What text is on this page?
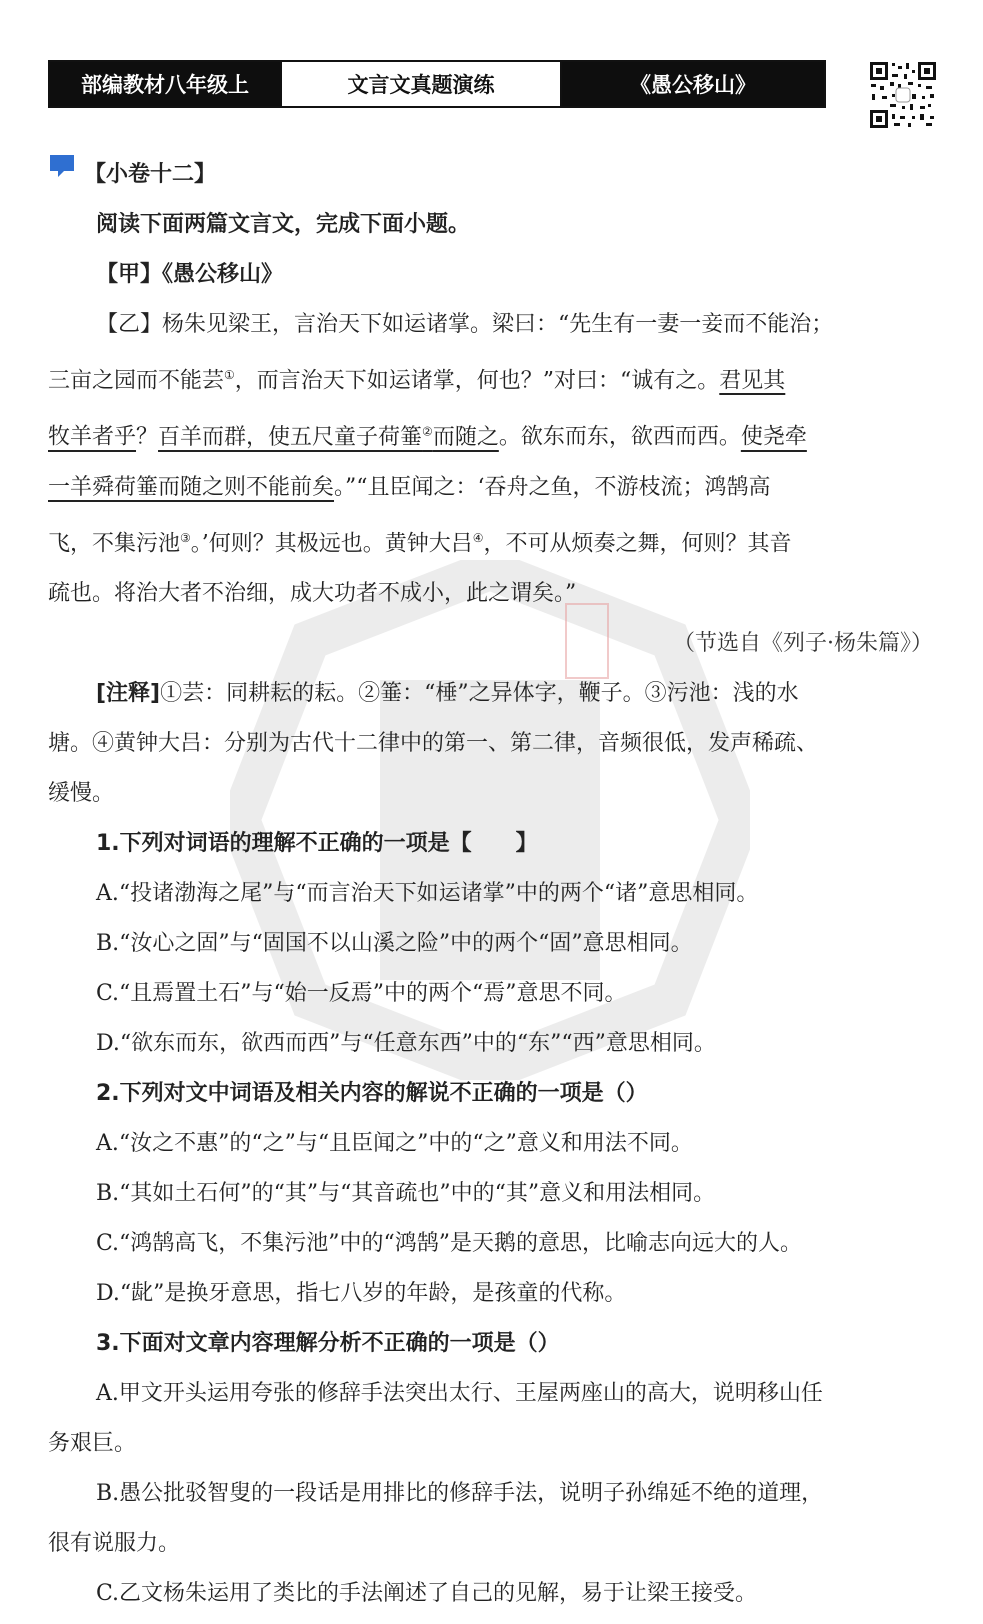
部编教材八年级上	文言文真题演练	《愚公移山》
【小卷十二】
阅读下面两篇文言文，完成下面小题。
【甲】《愚公移山》
【乙】杨朱见梁王，言治天下如运诸掌。梁曰：“先生有一妻一妾而不能治；
三亩之园而不能芸①，而言治天下如运诸掌，何也？”对曰：“诚有之。君见其
牧羊者乎？百羊而群，使五尺童子荷箠②而随之。欲东而东，欲西而西。使尧牵
一羊舜荷箠而随之则不能前矣。”“且臣闻之：‘吞舟之鱼，不游枝流；鸿鹄高
飞，不集污池③。’何则？其极远也。黄钟大吕④，不可从烦奏之舞，何则？其音
疏也。将治大者不治细，成大功者不成小，此之谓矣。”
（节选自《列子·杨朱篇》）
[注释]①芸：同耕耘的耘。②箠：“棰”之异体字，鞭子。③污池：浅的水
塘。④黄钟大吕：分别为古代十二律中的第一、第二律，音频很低，发声稀疏、
缓慢。
1.下列对词语的理解不正确的一项是【　　】
A.“投诸渤海之尾”与“而言治天下如运诸掌”中的两个“诸”意思相同。
B.“汝心之固”与“固国不以山溪之险”中的两个“固”意思相同。
C.“且焉置土石”与“始一反焉”中的两个“焉”意思不同。
D.“欲东而东，欲西而西”与“任意东西”中的“东”“西”意思相同。
2.下列对文中词语及相关内容的解说不正确的一项是（）
A.“汝之不惠”的“之”与“且臣闻之”中的“之”意义和用法不同。
B.“其如土石何”的“其”与“其音疏也”中的“其”意义和用法相同。
C.“鸿鹄高飞，不集污池”中的“鸿鹄”是天鹅的意思，比喻志向远大的人。
D.“龀”是换牙意思，指七八岁的年龄，是孩童的代称。
3.下面对文章内容理解分析不正确的一项是（）
A.甲文开头运用夸张的修辞手法突出太行、王屋两座山的高大，说明移山任
务艰巨。
B.愚公批驳智叟的一段话是用排比的修辞手法，说明子孙绵延不绝的道理，
很有说服力。
C.乙文杨朱运用了类比的手法阐述了自己的见解，易于让梁王接受。
